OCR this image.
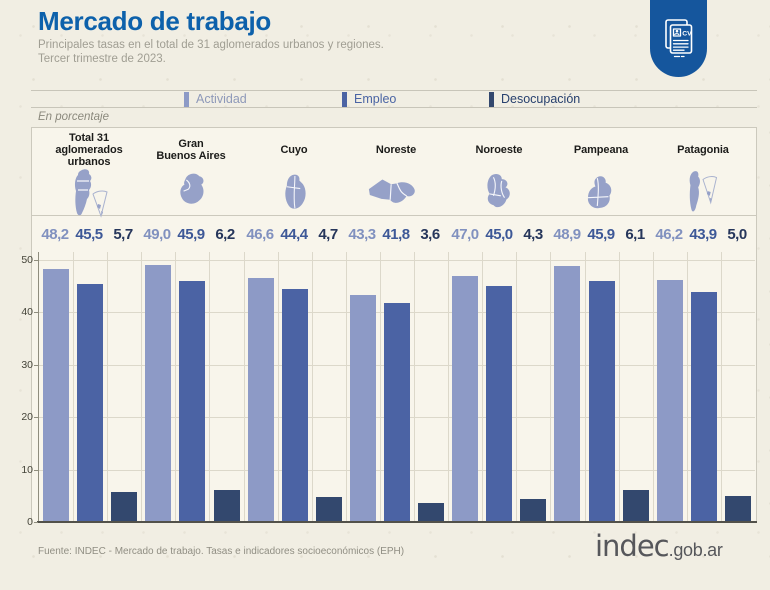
Mercado de trabajo
Principales tasas en el total de 31 aglomerados urbanos y regiones.
Tercer trimestre de 2023.
CV
Actividad	Empleo	Desocupación
En porcentaje
Total 31
aglomerados
urbanos
48,2 45,5 5,7
Gran
Buenos Aires
49,0 45,9 6,2
Cuyo
46,6 44,4 4,7
Noreste
43,3 41,8 3,6
Noroeste
47,0 45,0 4,3
Pampeana
48,9 45,9 6,1
Patagonia
46,2 43,9 5,0
0
10
20
30
40
50
Fuente: INDEC - Mercado de trabajo. Tasas e indicadores socioeconómicos (EPH)	indec .gob.ar
